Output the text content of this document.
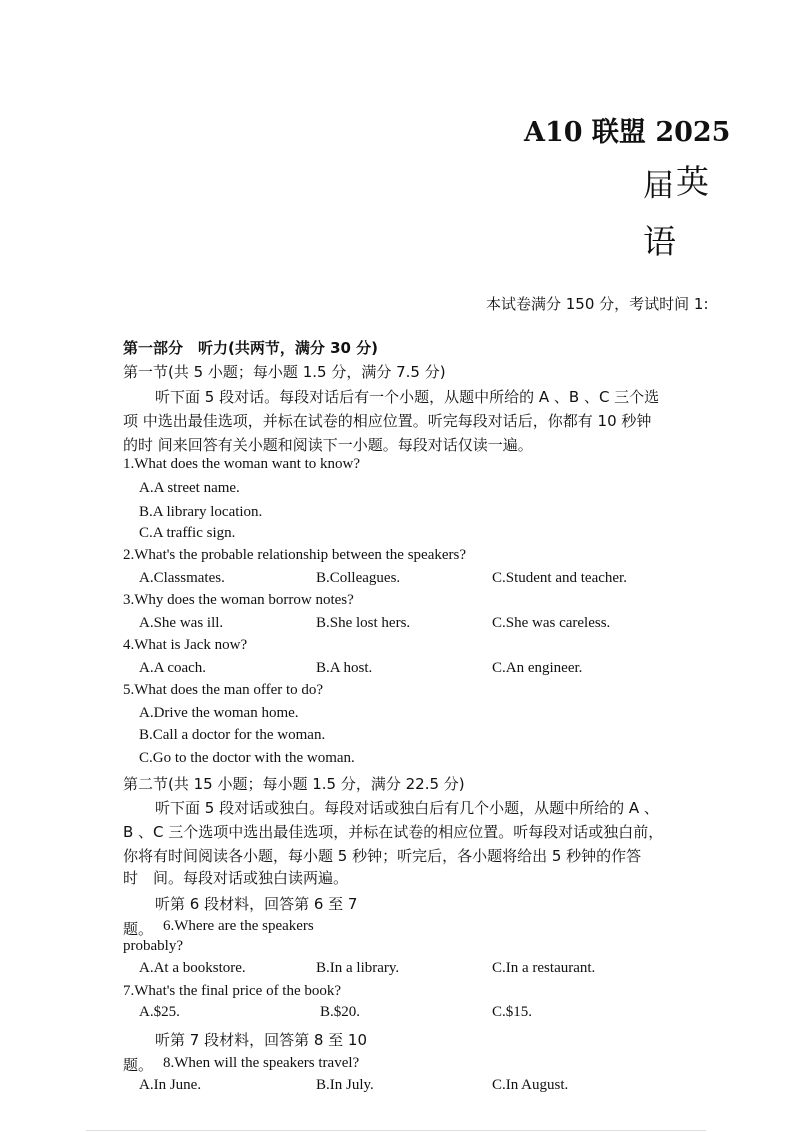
A10 联盟 2025
届 英
语
本试卷满分 150 分，考试时间 1:
第一部分　听力(共两节，满分 30 分)
第一节(共 5 小题；每小题 1.5 分，满分 7.5 分)
听下面 5 段对话。每段对话后有一个小题，从题中所给的 A 、B 、C 三个选
项 中选出最佳选项，并标在试卷的相应位置。听完每段对话后，你都有 10 秒钟
的时 间来回答有关小题和阅读下一小题。每段对话仅读一遍。
1.What does the woman want to know?
A.A street name.
B.A library location.
C.A traffic sign.
2.What's the probable relationship between the speakers?
A.Classmates.	B.Colleagues.	C.Student and teacher.
3.Why does the woman borrow notes?
A.She was ill.	B.She lost hers.	C.She was careless.
4.What is Jack now?
A.A coach.	B.A host.	C.An engineer.
5.What does the man offer to do?
A.Drive the woman home.
B.Call a doctor for the woman.
C.Go to the doctor with the woman.
第二节(共 15 小题；每小题 1.5 分，满分 22.5 分)
听下面 5 段对话或独白。每段对话或独白后有几个小题，从题中所给的 A 、
B 、C 三个选项中选出最佳选项，并标在试卷的相应位置。听每段对话或独白前，
你将有时间阅读各小题，每小题 5 秒钟；听完后，各小题将给出 5 秒钟的作答
时　间。每段对话或独白读两遍。
听第 6 段材料，回答第 6 至 7
题。 6.Where are the speakers
probably?
A.At a bookstore.	B.In a library.	C.In a restaurant.
7.What's the final price of the book?
A.$25.	B.$20.	C.$15.
听第 7 段材料，回答第 8 至 10
题。 8.When will the speakers travel?
A.In June.	B.In July.	C.In August.
